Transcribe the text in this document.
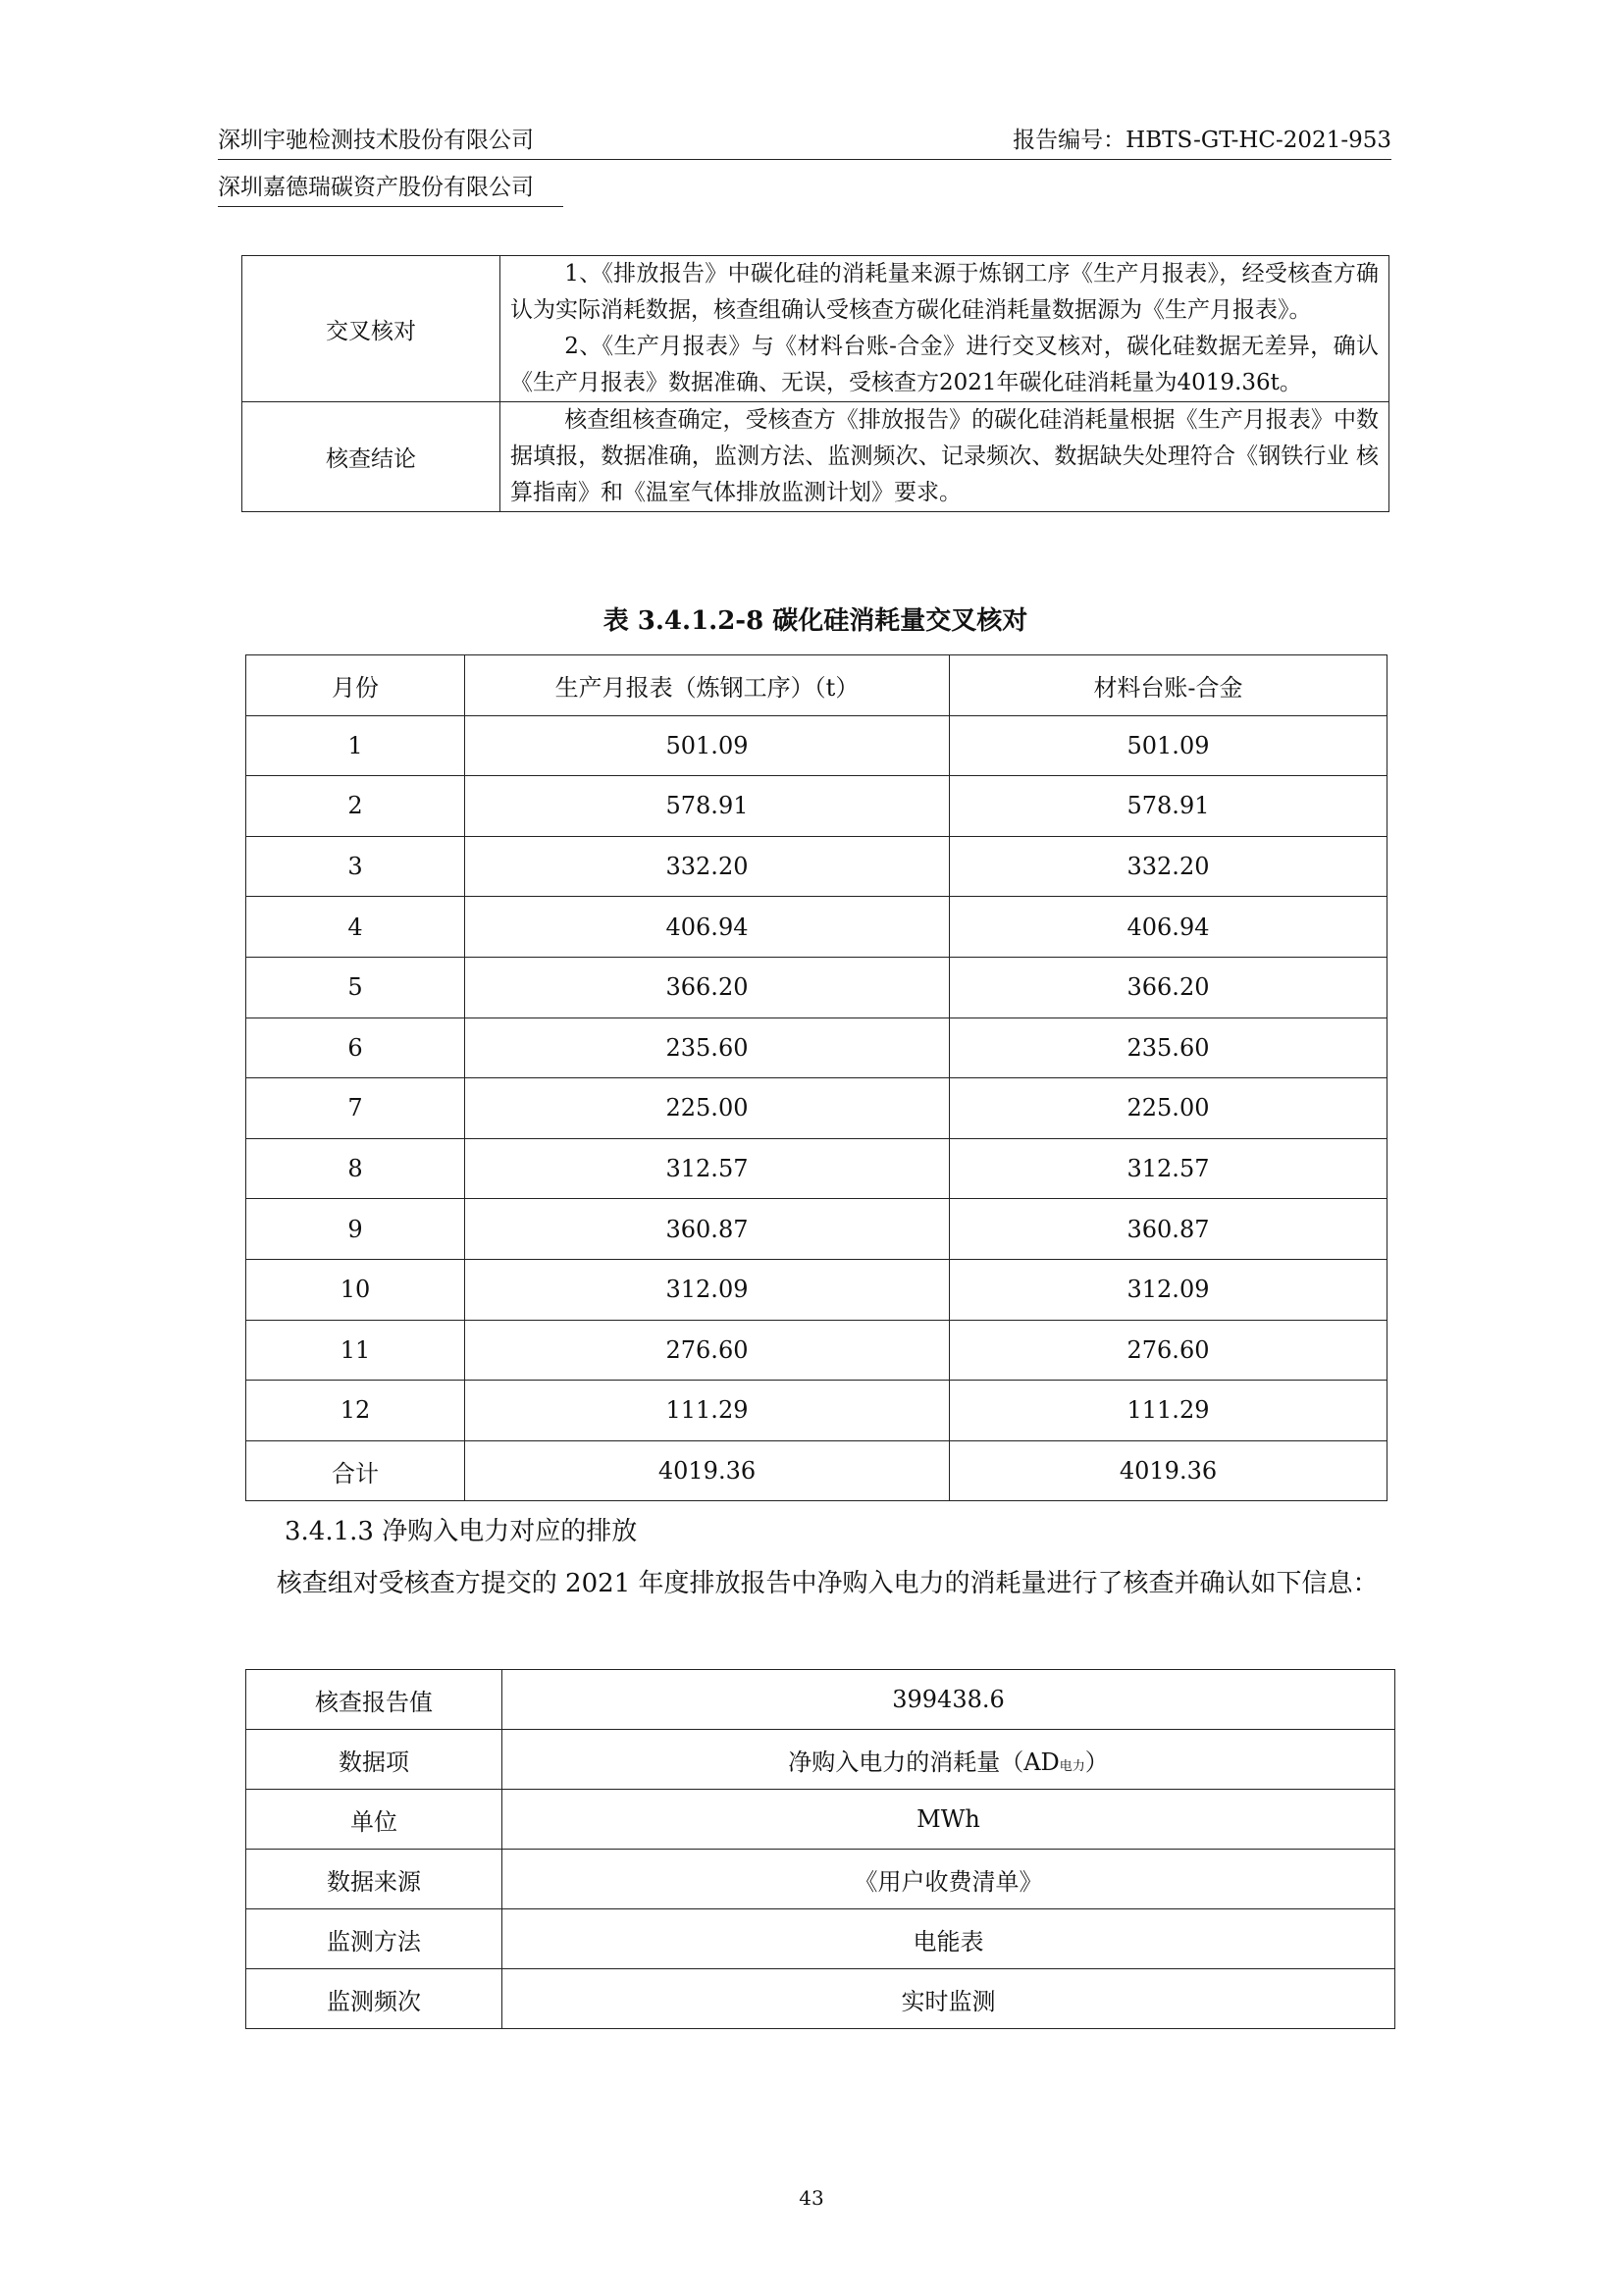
深圳宇驰检测技术股份有限公司	报告编号：HBTS-GT-HC-2021-953
深圳嘉德瑞碳资产股份有限公司
交叉核对	1、《排放报告》中碳化硅的消耗量来源于炼钢工序《生产月报表》，经受核查方确认为实际消耗数据，核查组确认受核查方碳化硅消耗量数据源为《生产月报表》。

2、《生产月报表》与《材料台账-合金》进行交叉核对，碳化硅数据无差异，确认《生产月报表》数据准确、无误，受核查方2021年碳化硅消耗量为4019.36t。

核查结论	核查组核查确定，受核查方《排放报告》的碳化硅消耗量根据《生产月报表》中数据填报，数据准确，监测方法、监测频次、记录频次、数据缺失处理符合《钢铁行业 核算指南》和《温室气体排放监测计划》要求。

表 3.4.1.2-8 碳化硅消耗量交叉核对
月份	生产月报表（炼钢工序）（t）	材料台账-合金
1	501.09	501.09
2	578.91	578.91
3	332.20	332.20
4	406.94	406.94
5	366.20	366.20
6	235.60	235.60
7	225.00	225.00
8	312.57	312.57
9	360.87	360.87
10	312.09	312.09
11	276.60	276.60
12	111.29	111.29
合计	4019.36	4019.36
3.4.1.3 净购入电力对应的排放
核查组对受核查方提交的 2021 年度排放报告中净购入电力的消耗量进行了核查并确认如下信息：
核查报告值	399438.6
数据项	净购入电力的消耗量（AD电力）
单位	MWh
数据来源	《用户收费清单》
监测方法	电能表
监测频次	实时监测
43
